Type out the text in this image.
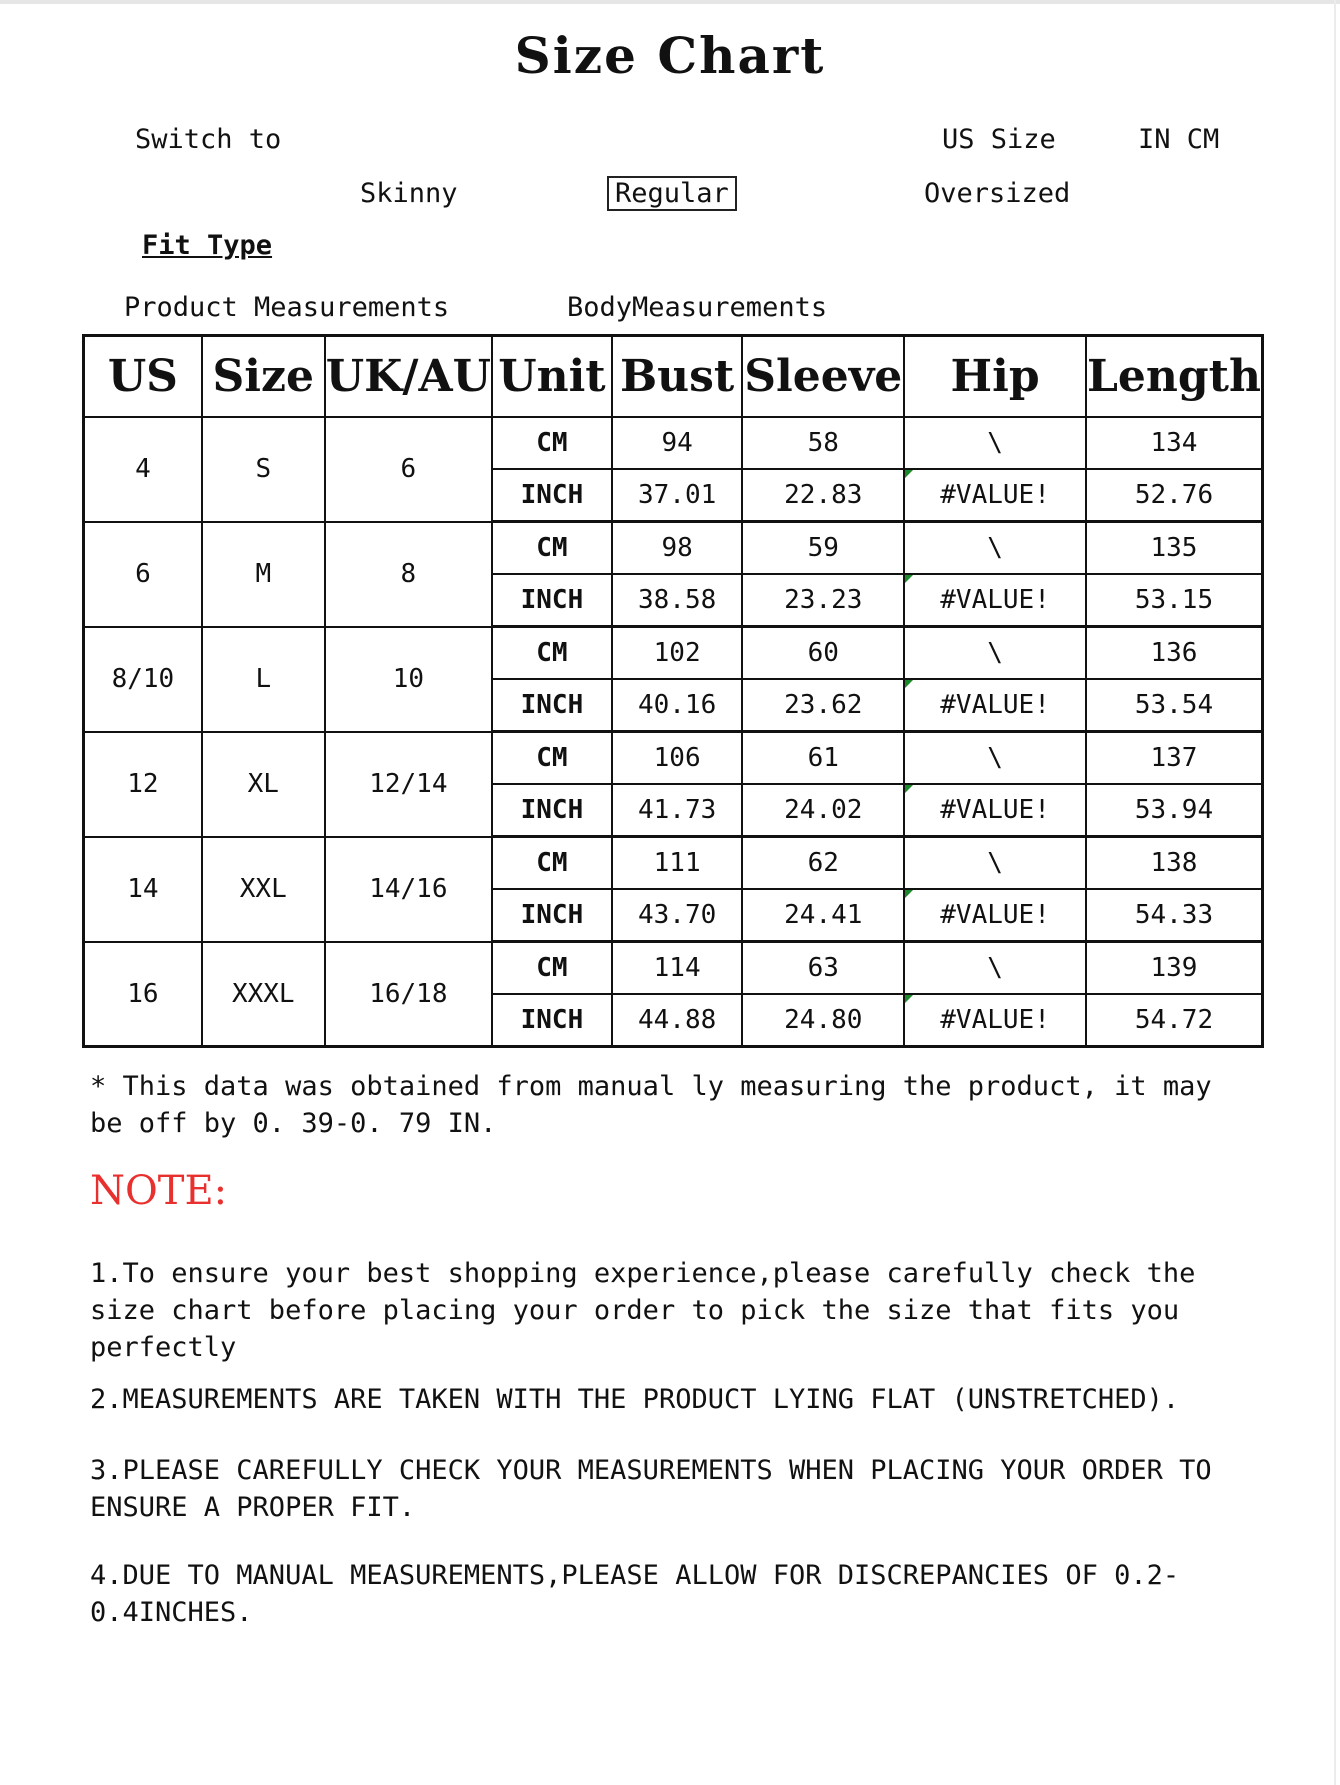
Size Chart
Switch to	US Size	IN CM
Skinny	Regular	Oversized
Fit Type
Product Measurements	BodyMeasurements
US	Size	UK/AU	Unit	Bust	Sleeve	Hip	Length
4	S	6	CM	94	58	\	134
			INCH	37.01	22.83	#VALUE!	52.76
6	M	8	CM	98	59	\	135
			INCH	38.58	23.23	#VALUE!	53.15
8/10	L	10	CM	102	60	\	136
			INCH	40.16	23.62	#VALUE!	53.54
12	XL	12/14	CM	106	61	\	137
			INCH	41.73	24.02	#VALUE!	53.94
14	XXL	14/16	CM	111	62	\	138
			INCH	43.70	24.41	#VALUE!	54.33
16	XXXL	16/18	CM	114	63	\	139
			INCH	44.88	24.80	#VALUE!	54.72
* This data was obtained from manual ly measuring the product, it may be off by 0. 39-0. 79 IN.
NOTE:
1.To ensure your best shopping experience,please carefully check the size chart before placing your order to pick the size that fits you perfectly
2.MEASUREMENTS ARE TAKEN WITH THE PRODUCT LYING FLAT (UNSTRETCHED).
3.PLEASE CAREFULLY CHECK YOUR MEASUREMENTS WHEN PLACING YOUR ORDER TO ENSURE A PROPER FIT.
4.DUE TO MANUAL MEASUREMENTS,PLEASE ALLOW FOR DISCREPANCIES OF 0.2-0.4INCHES.
